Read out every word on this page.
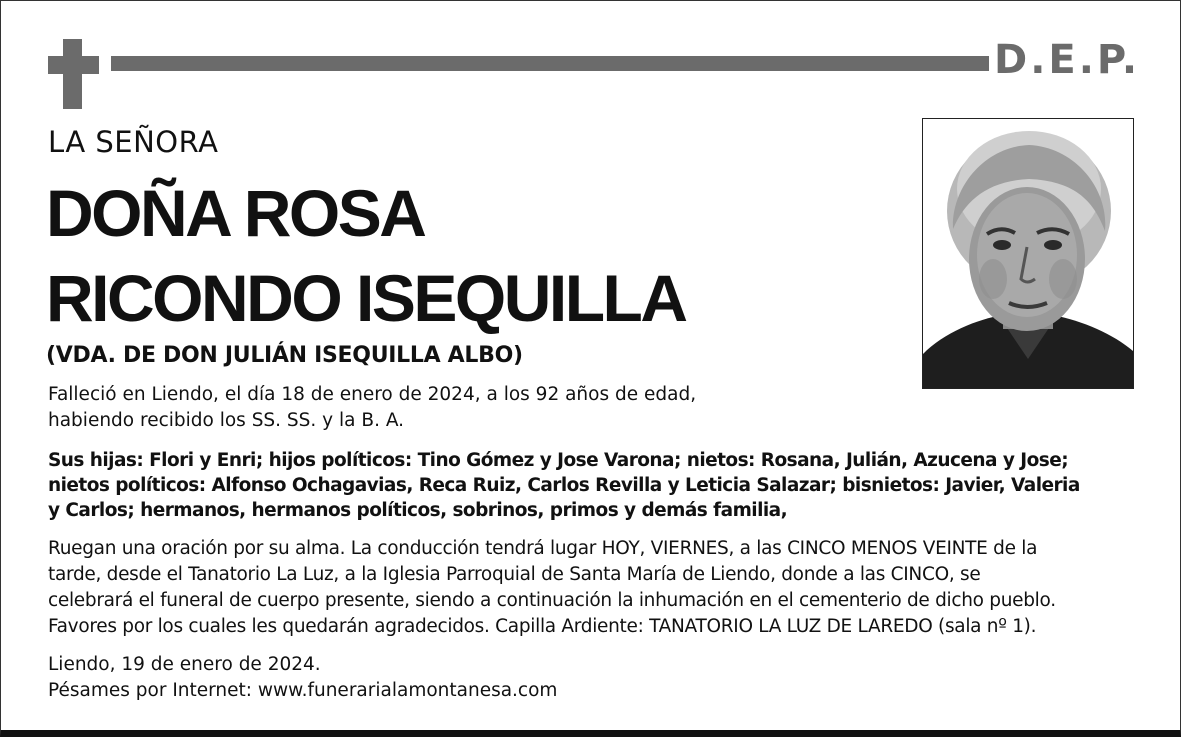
D.E.P.
LA SEÑORA
DOÑA ROSA
RICONDO ISEQUILLA
(VDA. DE DON JULIÁN ISEQUILLA ALBO)
Falleció en Liendo, el día 18 de enero de 2024, a los 92 años de edad,
habiendo recibido los SS. SS. y la B. A.
Sus hijas: Flori y Enri; hijos políticos: Tino Gómez y Jose Varona; nietos: Rosana, Julián, Azucena y Jose;
nietos políticos: Alfonso Ochagavias, Reca Ruiz, Carlos Revilla y Leticia Salazar; bisnietos: Javier, Valeria
y Carlos; hermanos, hermanos políticos, sobrinos, primos y demás familia,
Ruegan una oración por su alma. La conducción tendrá lugar HOY, VIERNES, a las CINCO MENOS VEINTE de la
tarde, desde el Tanatorio La Luz, a la Iglesia Parroquial de Santa María de Liendo, donde a las CINCO, se
celebrará el funeral de cuerpo presente, siendo a continuación la inhumación en el cementerio de dicho pueblo.
Favores por los cuales les quedarán agradecidos. Capilla Ardiente: TANATORIO LA LUZ DE LAREDO (sala nº 1).
Liendo, 19 de enero de 2024.
Pésames por Internet: www.funerarialamontanesa.com
